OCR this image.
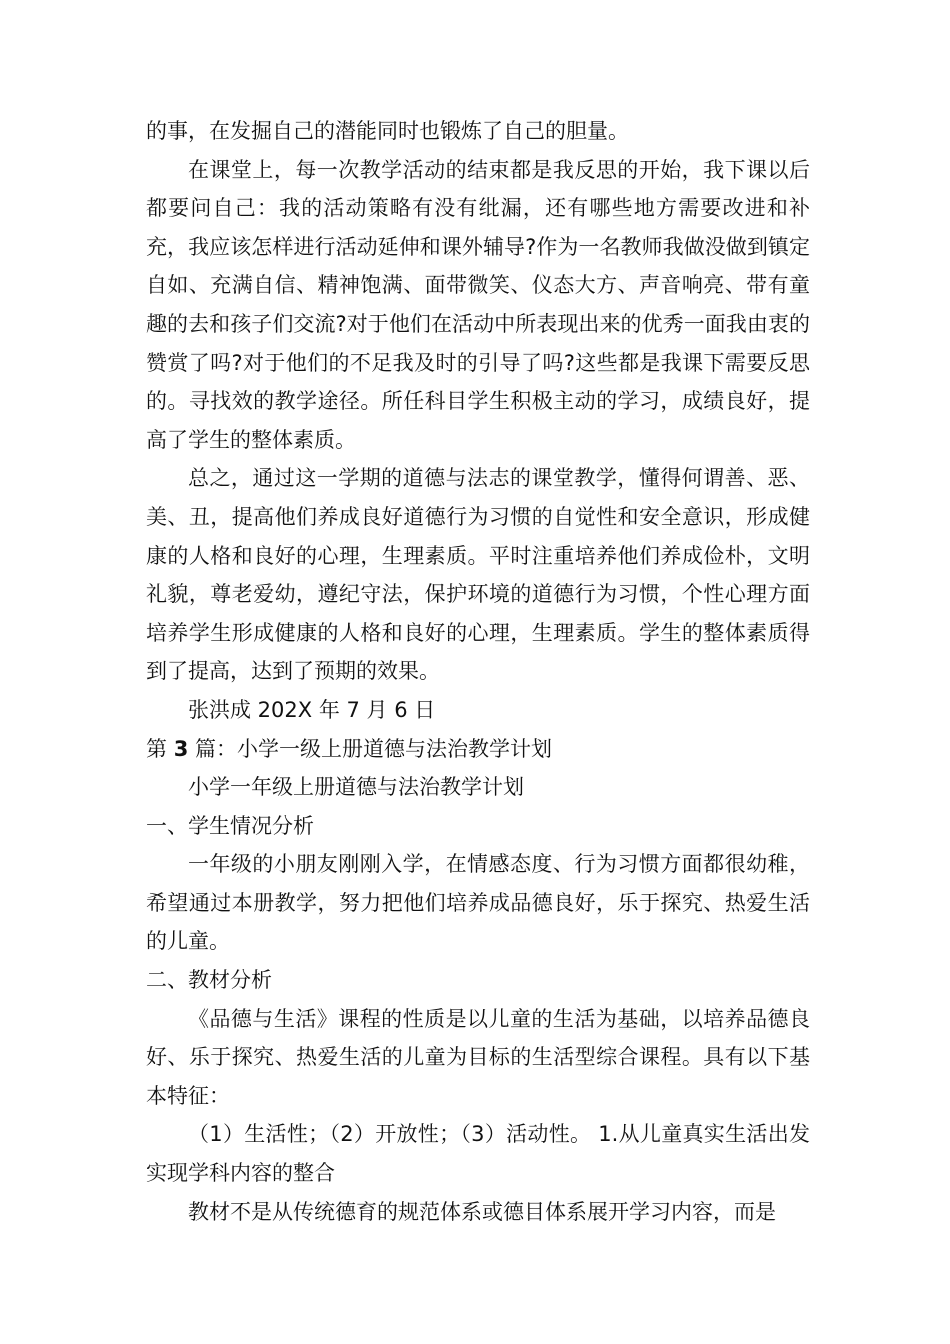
的事，在发掘自己的潜能同时也锻炼了自己的胆量。

在课堂上，每一次教学活动的结束都是我反思的开始，我下课以后都要问自己：我的活动策略有没有纰漏，还有哪些地方需要改进和补充，我应该怎样进行活动延伸和课外辅导?作为一名教师我做没做到镇定自如、充满自信、精神饱满、面带微笑、仪态大方、声音响亮、带有童趣的去和孩子们交流?对于他们在活动中所表现出来的优秀一面我由衷的赞赏了吗?对于他们的不足我及时的引导了吗?这些都是我课下需要反思的。寻找效的教学途径。所任科目学生积极主动的学习，成绩良好，提高了学生的整体素质。

总之，通过这一学期的道德与法志的课堂教学，懂得何谓善、恶、美、丑，提高他们养成良好道德行为习惯的自觉性和安全意识，形成健康的人格和良好的心理，生理素质。平时注重培养他们养成俭朴，文明礼貌，尊老爱幼，遵纪守法，保护环境的道德行为习惯，个性心理方面培养学生形成健康的人格和良好的心理，生理素质。学生的整体素质得到了提高，达到了预期的效果。

张洪成 202X 年 7 月 6 日

第 3 篇：小学一级上册道德与法治教学计划

小学一年级上册道德与法治教学计划

一、学生情况分析

一年级的小朋友刚刚入学，在情感态度、行为习惯方面都很幼稚，希望通过本册教学，努力把他们培养成品德良好，乐于探究、热爱生活的儿童。

二、教材分析

《品德与生活》课程的性质是以儿童的生活为基础，以培养品德良好、乐于探究、热爱生活的儿童为目标的生活型综合课程。具有以下基本特征：

（1）生活性；（2）开放性；（3）活动性。 1.从儿童真实生活出发实现学科内容的整合

教材不是从传统德育的规范体系或德目体系展开学习内容，而是
